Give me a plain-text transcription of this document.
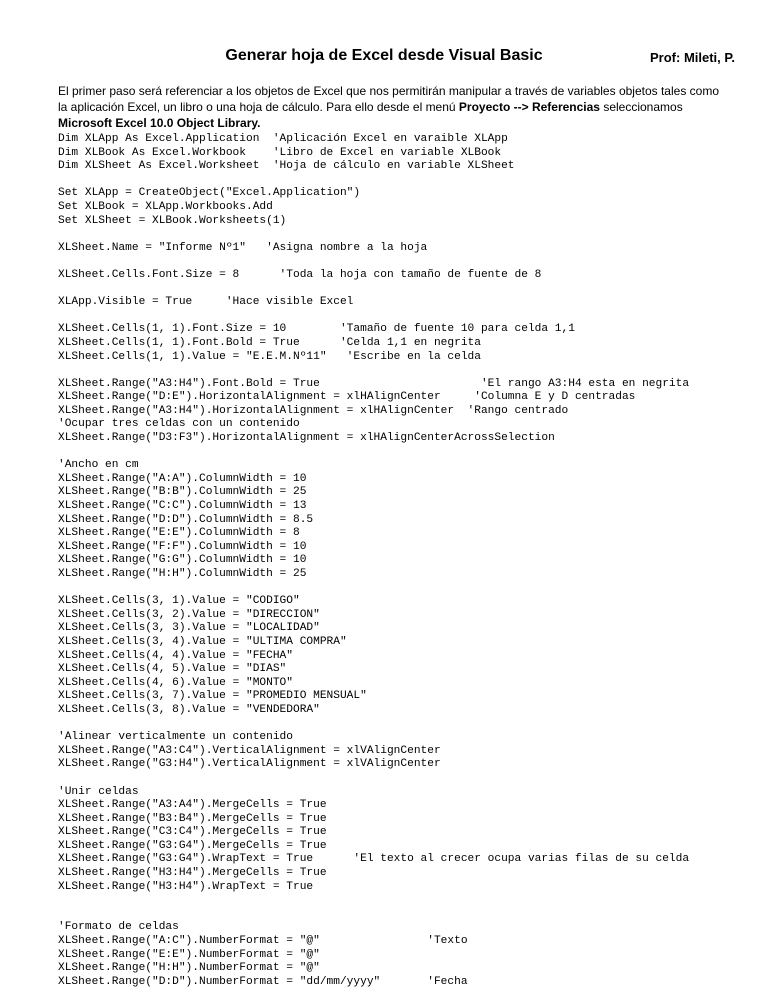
Generar hoja de Excel desde Visual Basic	Prof: Mileti, P.
El primer paso será referenciar a los objetos de Excel que nos permitirán manipular a través de variables objetos tales como la aplicación Excel, un libro o una hoja de cálculo. Para ello desde el menú Proyecto --> Referencias seleccionamos Microsoft Excel 10.0 Object Library.
Dim XLApp As Excel.Application  'Aplicación Excel en varaible XLApp
Dim XLBook As Excel.Workbook    'Libro de Excel en variable XLBook
Dim XLSheet As Excel.Worksheet  'Hoja de cálculo en variable XLSheet

Set XLApp = CreateObject("Excel.Application")
Set XLBook = XLApp.Workbooks.Add
Set XLSheet = XLBook.Worksheets(1)

XLSheet.Name = "Informe Nº1"   'Asigna nombre a la hoja

XLSheet.Cells.Font.Size = 8      'Toda la hoja con tamaño de fuente de 8

XLApp.Visible = True     'Hace visible Excel

XLSheet.Cells(1, 1).Font.Size = 10        'Tamaño de fuente 10 para celda 1,1
XLSheet.Cells(1, 1).Font.Bold = True      'Celda 1,1 en negrita
XLSheet.Cells(1, 1).Value = "E.E.M.Nº11"   'Escribe en la celda

XLSheet.Range("A3:H4").Font.Bold = True                        'El rango A3:H4 esta en negrita
XLSheet.Range("D:E").HorizontalAlignment = xlHAlignCenter     'Columna E y D centradas
XLSheet.Range("A3:H4").HorizontalAlignment = xlHAlignCenter  'Rango centrado
'Ocupar tres celdas con un contenido
XLSheet.Range("D3:F3").HorizontalAlignment = xlHAlignCenterAcrossSelection

'Ancho en cm
XLSheet.Range("A:A").ColumnWidth = 10
XLSheet.Range("B:B").ColumnWidth = 25
XLSheet.Range("C:C").ColumnWidth = 13
XLSheet.Range("D:D").ColumnWidth = 8.5
XLSheet.Range("E:E").ColumnWidth = 8
XLSheet.Range("F:F").ColumnWidth = 10
XLSheet.Range("G:G").ColumnWidth = 10
XLSheet.Range("H:H").ColumnWidth = 25

XLSheet.Cells(3, 1).Value = "CODIGO"
XLSheet.Cells(3, 2).Value = "DIRECCION"
XLSheet.Cells(3, 3).Value = "LOCALIDAD"
XLSheet.Cells(3, 4).Value = "ULTIMA COMPRA"
XLSheet.Cells(4, 4).Value = "FECHA"
XLSheet.Cells(4, 5).Value = "DIAS"
XLSheet.Cells(4, 6).Value = "MONTO"
XLSheet.Cells(3, 7).Value = "PROMEDIO MENSUAL"
XLSheet.Cells(3, 8).Value = "VENDEDORA"

'Alinear verticalmente un contenido
XLSheet.Range("A3:C4").VerticalAlignment = xlVAlignCenter
XLSheet.Range("G3:H4").VerticalAlignment = xlVAlignCenter

'Unir celdas
XLSheet.Range("A3:A4").MergeCells = True
XLSheet.Range("B3:B4").MergeCells = True
XLSheet.Range("C3:C4").MergeCells = True
XLSheet.Range("G3:G4").MergeCells = True
XLSheet.Range("G3:G4").WrapText = True      'El texto al crecer ocupa varias filas de su celda
XLSheet.Range("H3:H4").MergeCells = True
XLSheet.Range("H3:H4").WrapText = True

'Formato de celdas
XLSheet.Range("A:C").NumberFormat = "@"                'Texto
XLSheet.Range("E:E").NumberFormat = "@"
XLSheet.Range("H:H").NumberFormat = "@"
XLSheet.Range("D:D").NumberFormat = "dd/mm/yyyy"       'Fecha
